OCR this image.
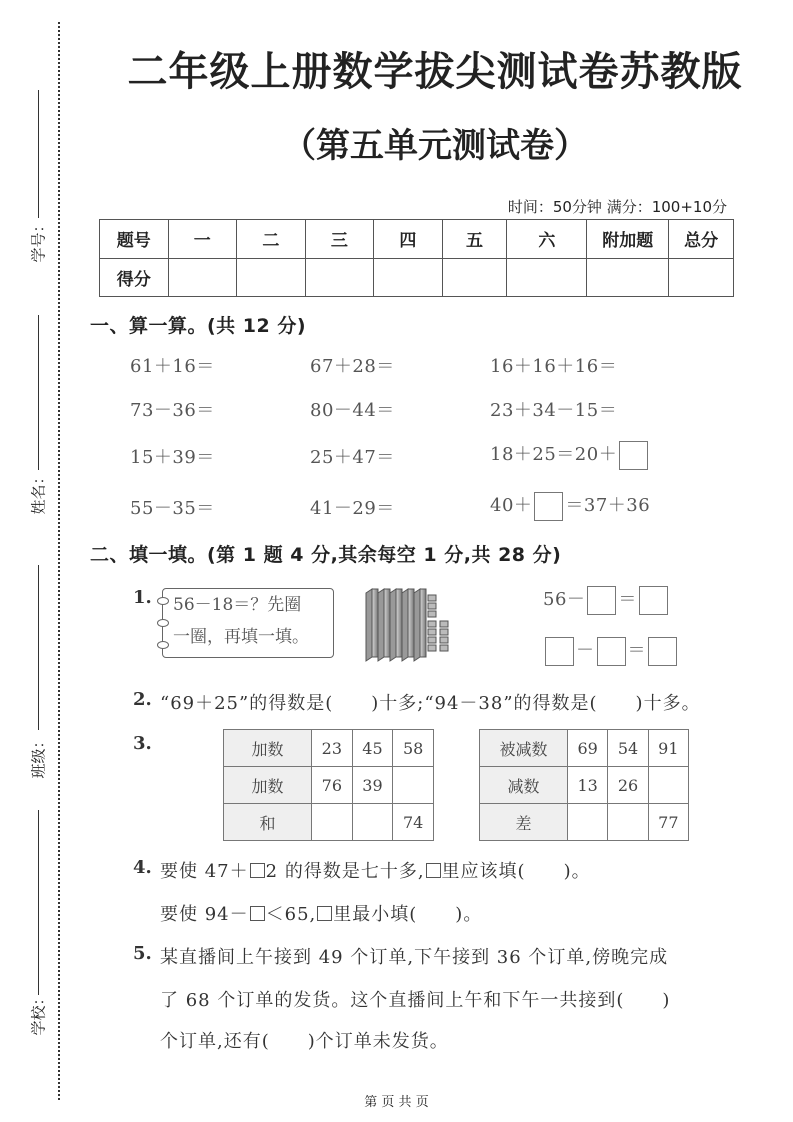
学号：
姓名：
班级：
学校：
二年级上册数学拔尖测试卷苏教版
（第五单元测试卷）
时间：50分钟 满分：100+10分
题号	一	二	三	四	五	六	附加题	总分
得分								
一、算一算。(共 12 分)
61＋16＝	67＋28＝	16＋16＋16＝
73－36＝	80－44＝	23＋34－15＝
15＋39＝	25＋47＝	18＋25＝20＋
55－35＝	41－29＝	40＋ ＝37＋36
二、填一填。(第 1 题 4 分,其余每空 1 分,共 28 分)
1. 56－18＝？先圈
一圈，再填一填。
56－ ＝
－ ＝
2. “69＋25”的得数是(　　)十多;“94－38”的得数是(　　)十多。
3.	加数	23	45	58
加数	76	39	
和			74
被减数	69	54	91
减数	13	26	
差			77
4. 要使 47＋ 2 的得数是七十多, 里应该填(　　)。
要使 94－ ＜65, 里最小填(　　)。
5. 某直播间上午接到 49 个订单,下午接到 36 个订单,傍晚完成
了 68 个订单的发货。这个直播间上午和下午一共接到(　　)
个订单,还有(　　)个订单未发货。
第 页 共 页
